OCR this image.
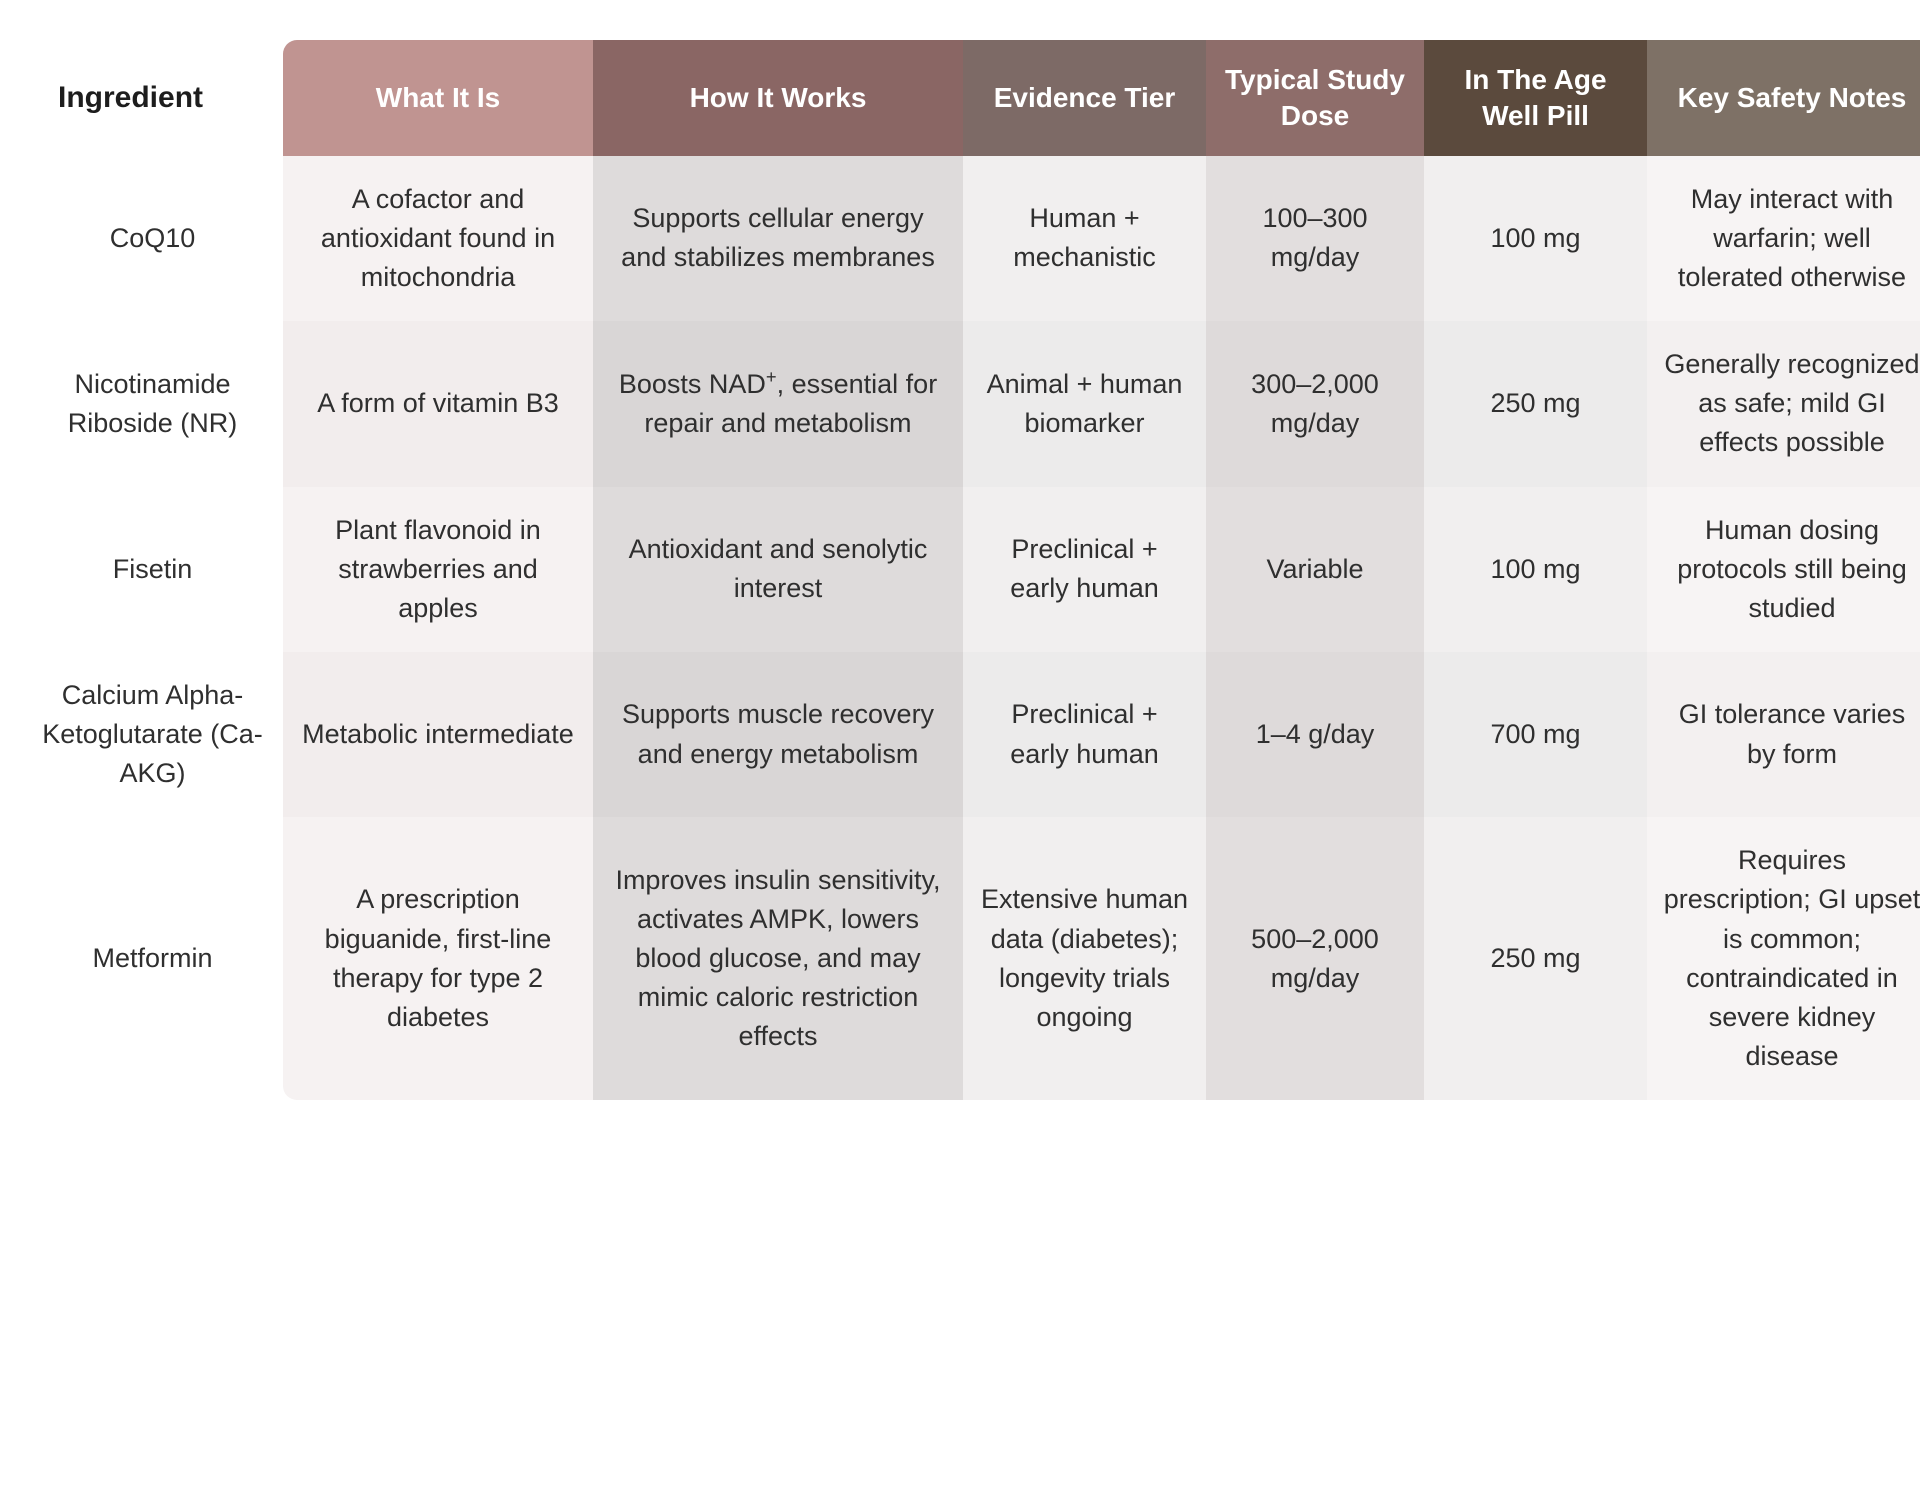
Ingredient	What It Is	How It Works	Evidence Tier	Typical Study Dose	In The Age Well Pill	Key Safety Notes
CoQ10	A cofactor and antioxidant found in mitochondria	Supports cellular energy and stabilizes membranes	Human + mechanistic	100–300 mg/day	100 mg	May interact with warfarin; well tolerated otherwise
Nicotinamide Riboside (NR)	A form of vitamin B3	Boosts NAD+, essential for repair and metabolism	Animal + human biomarker	300–2,000 mg/day	250 mg	Generally recognized as safe; mild GI effects possible
Fisetin	Plant flavonoid in strawberries and apples	Antioxidant and senolytic interest	Preclinical + early human	Variable	100 mg	Human dosing protocols still being studied
Calcium Alpha-Ketoglutarate (Ca-AKG)	Metabolic intermediate	Supports muscle recovery and energy metabolism	Preclinical + early human	1–4 g/day	700 mg	GI tolerance varies by form
Metformin	A prescription biguanide, first-line therapy for type 2 diabetes	Improves insulin sensitivity, activates AMPK, lowers blood glucose, and may mimic caloric restriction effects	Extensive human data (diabetes); longevity trials ongoing	500–2,000 mg/day	250 mg	Requires prescription; GI upset is common; contraindicated in severe kidney disease
